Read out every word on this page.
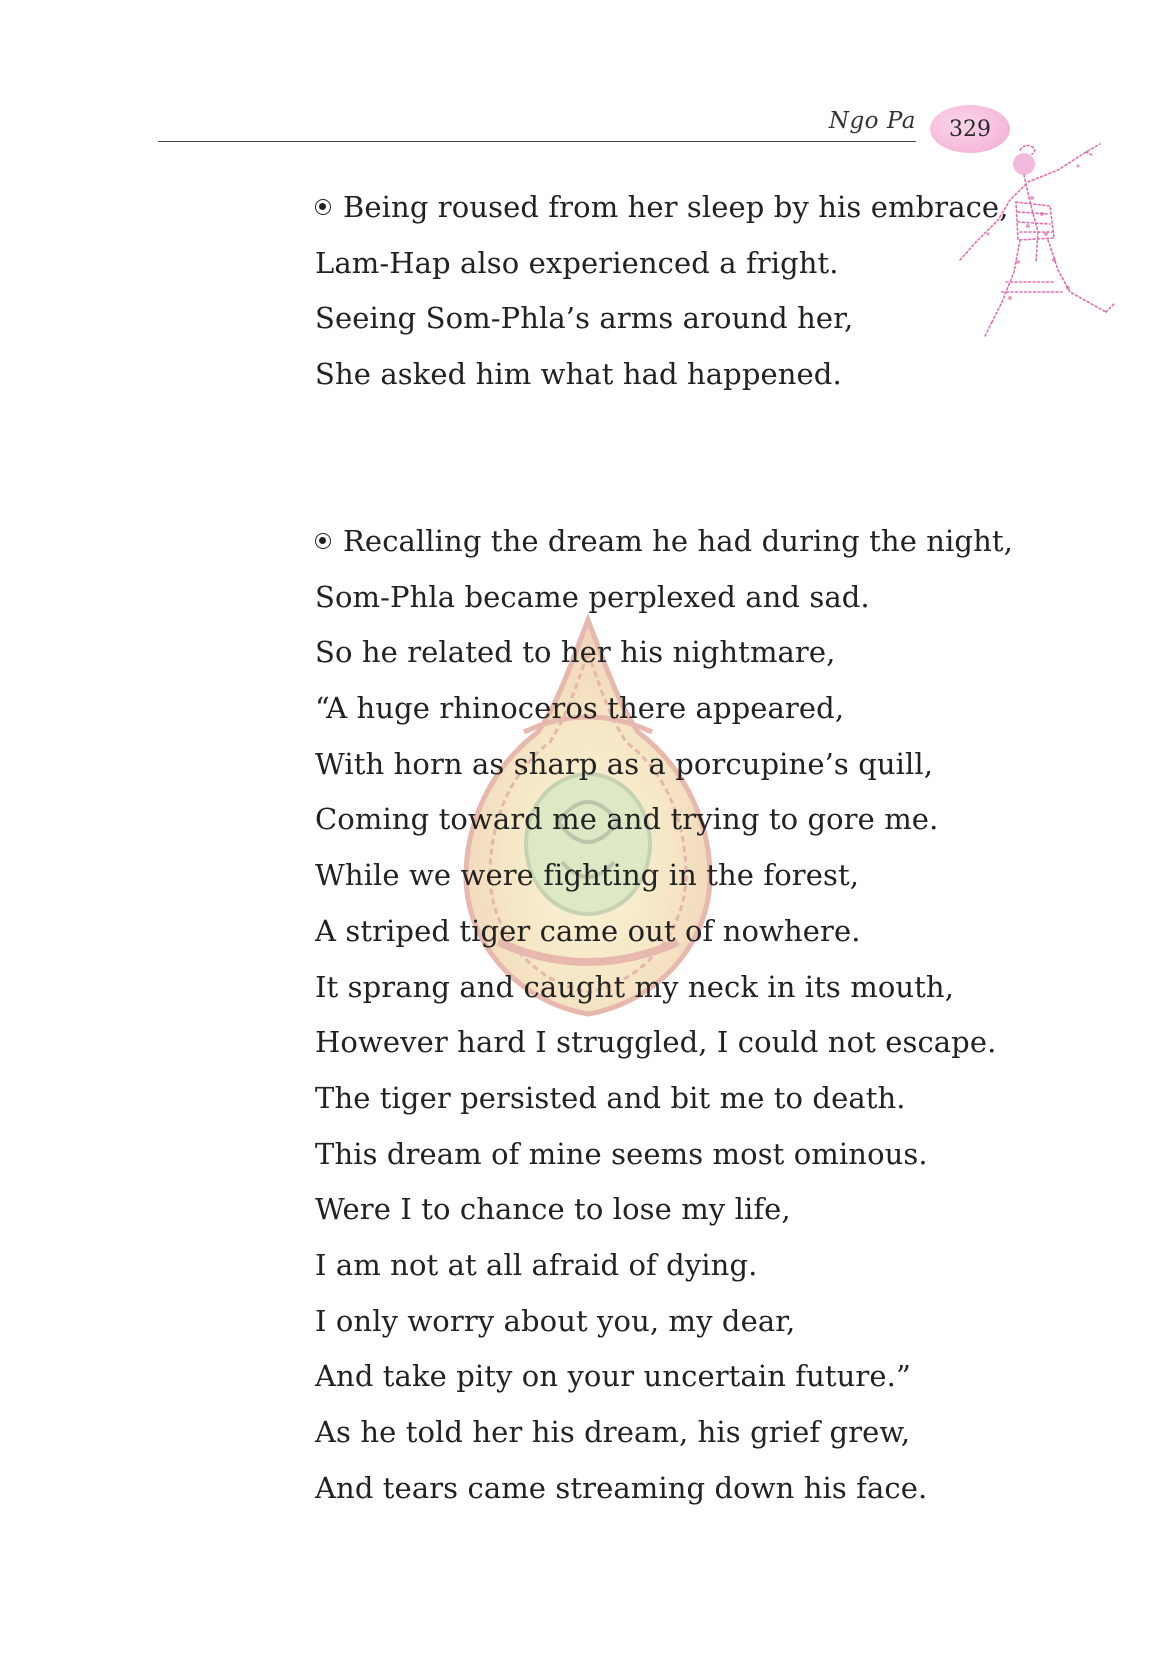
Ngo Pa 329
Being roused from her sleep by his embrace,
Lam-Hap also experienced a fright.
Seeing Som-Phla’s arms around her,
She asked him what had happened.
Recalling the dream he had during the night,
Som-Phla became perplexed and sad.
So he related to her his nightmare,
“A huge rhinoceros there appeared,
With horn as sharp as a porcupine’s quill,
Coming toward me and trying to gore me.
While we were fighting in the forest,
A striped tiger came out of nowhere.
It sprang and caught my neck in its mouth,
However hard I struggled, I could not escape.
The tiger persisted and bit me to death.
This dream of mine seems most ominous.
Were I to chance to lose my life,
I am not at all afraid of dying.
I only worry about you, my dear,
And take pity on your uncertain future.”
As he told her his dream, his grief grew,
And tears came streaming down his face.
